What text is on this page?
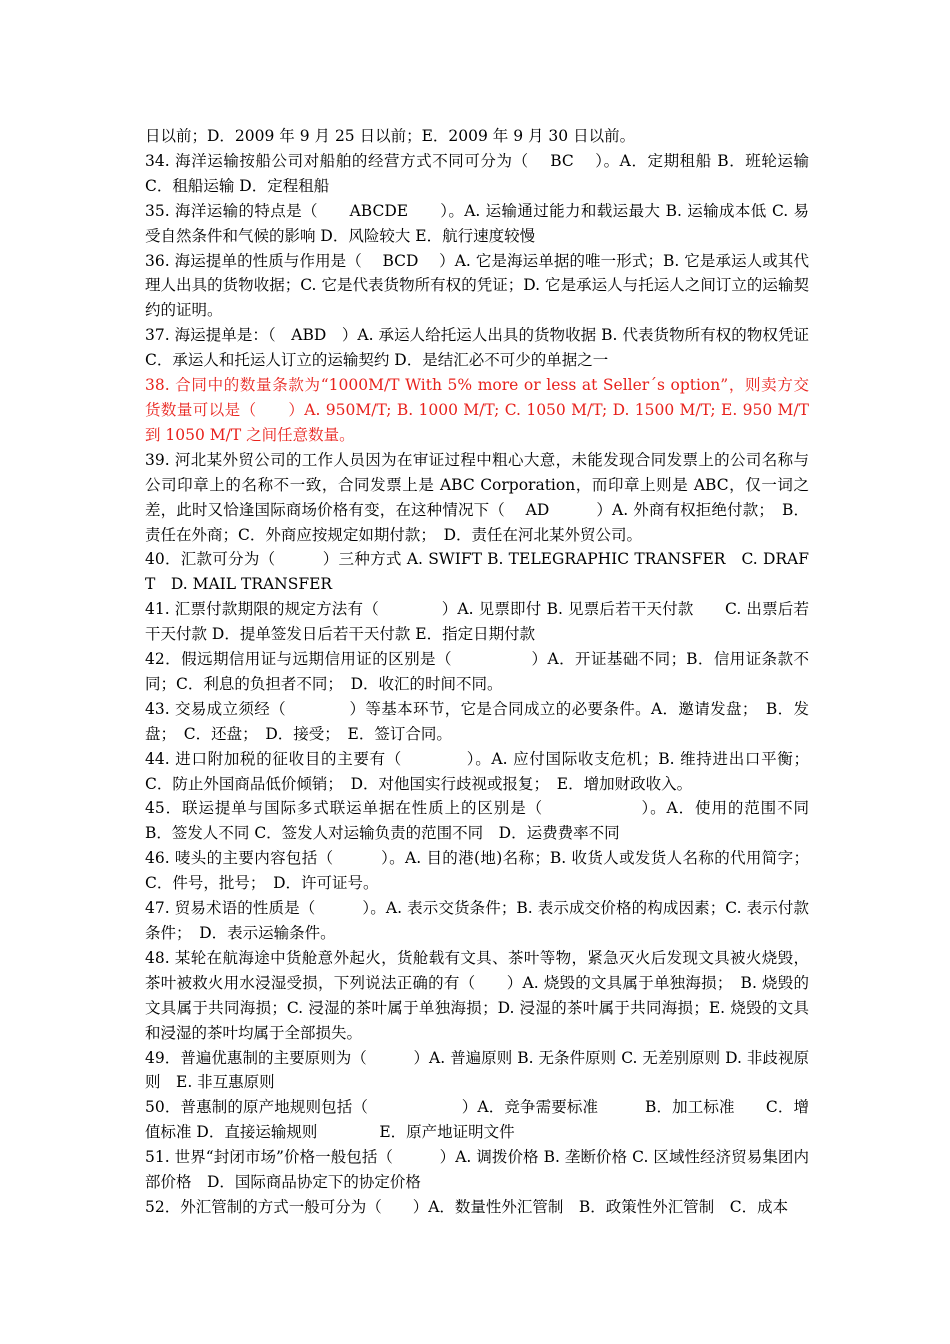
日以前；D．2009 年 9 月 25 日以前；E．2009 年 9 月 30 日以前。

34. 海洋运输按船公司对船舶的经营方式不同可分为（　 BC 　）。A．定期租船 B．班轮运输　C．租船运输 D．定程租船

35. 海洋运输的特点是（　　ABCDE　　）。A. 运输通过能力和载运最大 B. 运输成本低 C. 易受自然条件和气候的影响 D．风险较大 E．航行速度较慢

36. 海运提单的性质与作用是（　 BCD 　）A. 它是海运单据的唯一形式；B. 它是承运人或其代理人出具的货物收据；C. 它是代表货物所有权的凭证；D. 它是承运人与托运人之间订立的运输契约的证明。

37. 海运提单是：（　ABD　）A. 承运人给托运人出具的货物收据 B. 代表货物所有权的物权凭证 C．承运人和托运人订立的运输契约 D．是结汇必不可少的单据之一

38. 合同中的数量条款为“1000M/T With 5% more or less at Seller´s option”，则卖方交货数量可以是（　　）A. 950M/T; B. 1000 M/T; C. 1050 M/T; D. 1500 M/T; E. 950 M/T 到 1050 M/T 之间任意数量。

39. 河北某外贸公司的工作人员因为在审证过程中粗心大意，未能发现合同发票上的公司名称与公司印章上的名称不一致，合同发票上是 ABC Corporation，而印章上则是 ABC，仅一词之差，此时又恰逢国际商场价格有变，在这种情况下（　 AD　　　）A. 外商有权拒绝付款；　B．责任在外商；C．外商应按规定如期付款；　D．责任在河北某外贸公司。

40．汇款可分为（　　　）三种方式 A. SWIFT B. TELEGRAPHIC TRANSFER　C. DRAFT　D. MAIL TRANSFER

41. 汇票付款期限的规定方法有（　　　　）A. 见票即付 B. 见票后若干天付款　　C. 出票后若干天付款 D．提单签发日后若干天付款 E．指定日期付款

42．假远期信用证与远期信用证的区别是（　　　　　）A．开证基础不同；B．信用证条款不同；C．利息的负担者不同；　D．收汇的时间不同。

43. 交易成立须经（　　　　）等基本环节，它是合同成立的必要条件。A．邀请发盘；　B．发盘；　C．还盘；　D．接受；　E．签订合同。

44. 进口附加税的征收目的主要有（　　　　）。A. 应付国际收支危机；B. 维持进出口平衡；C．防止外国商品低价倾销；　D．对他国实行歧视或报复；　E．增加财政收入。

45．联运提单与国际多式联运单据在性质上的区别是（　　　　　　）。A．使用的范围不同　B．签发人不同 C．签发人对运输负责的范围不同　D．运费费率不同

46. 唛头的主要内容包括（　　　）。A. 目的港(地)名称；B. 收货人或发货人名称的代用简字；C．件号，批号；　D．许可证号。

47. 贸易术语的性质是（　　　）。A. 表示交货条件；B. 表示成交价格的构成因素；C. 表示付款条件；　D．表示运输条件。

48. 某轮在航海途中货舱意外起火，货舱载有文具、茶叶等物，紧急灭火后发现文具被火烧毁，茶叶被救火用水浸湿受损，下列说法正确的有（　　）A. 烧毁的文具属于单独海损；　B. 烧毁的文具属于共同海损；C. 浸湿的茶叶属于单独海损；D. 浸湿的茶叶属于共同海损；E. 烧毁的文具和浸湿的茶叶均属于全部损失。

49．普遍优惠制的主要原则为（　　　）A. 普遍原则 B. 无条件原则 C. 无差别原则 D. 非歧视原则　E. 非互惠原则

50．普惠制的原产地规则包括（　　　　　　）A．竞争需要标准　　　B．加工标准　　C．增值标准 D．直接运输规则　　　　E．原产地证明文件

51. 世界“封闭市场”价格一般包括（　　　）A. 调拨价格 B. 垄断价格 C. 区域性经济贸易集团内部价格　D．国际商品协定下的协定价格

52．外汇管制的方式一般可分为（　　）A．数量性外汇管制　B．政策性外汇管制　C．成本
